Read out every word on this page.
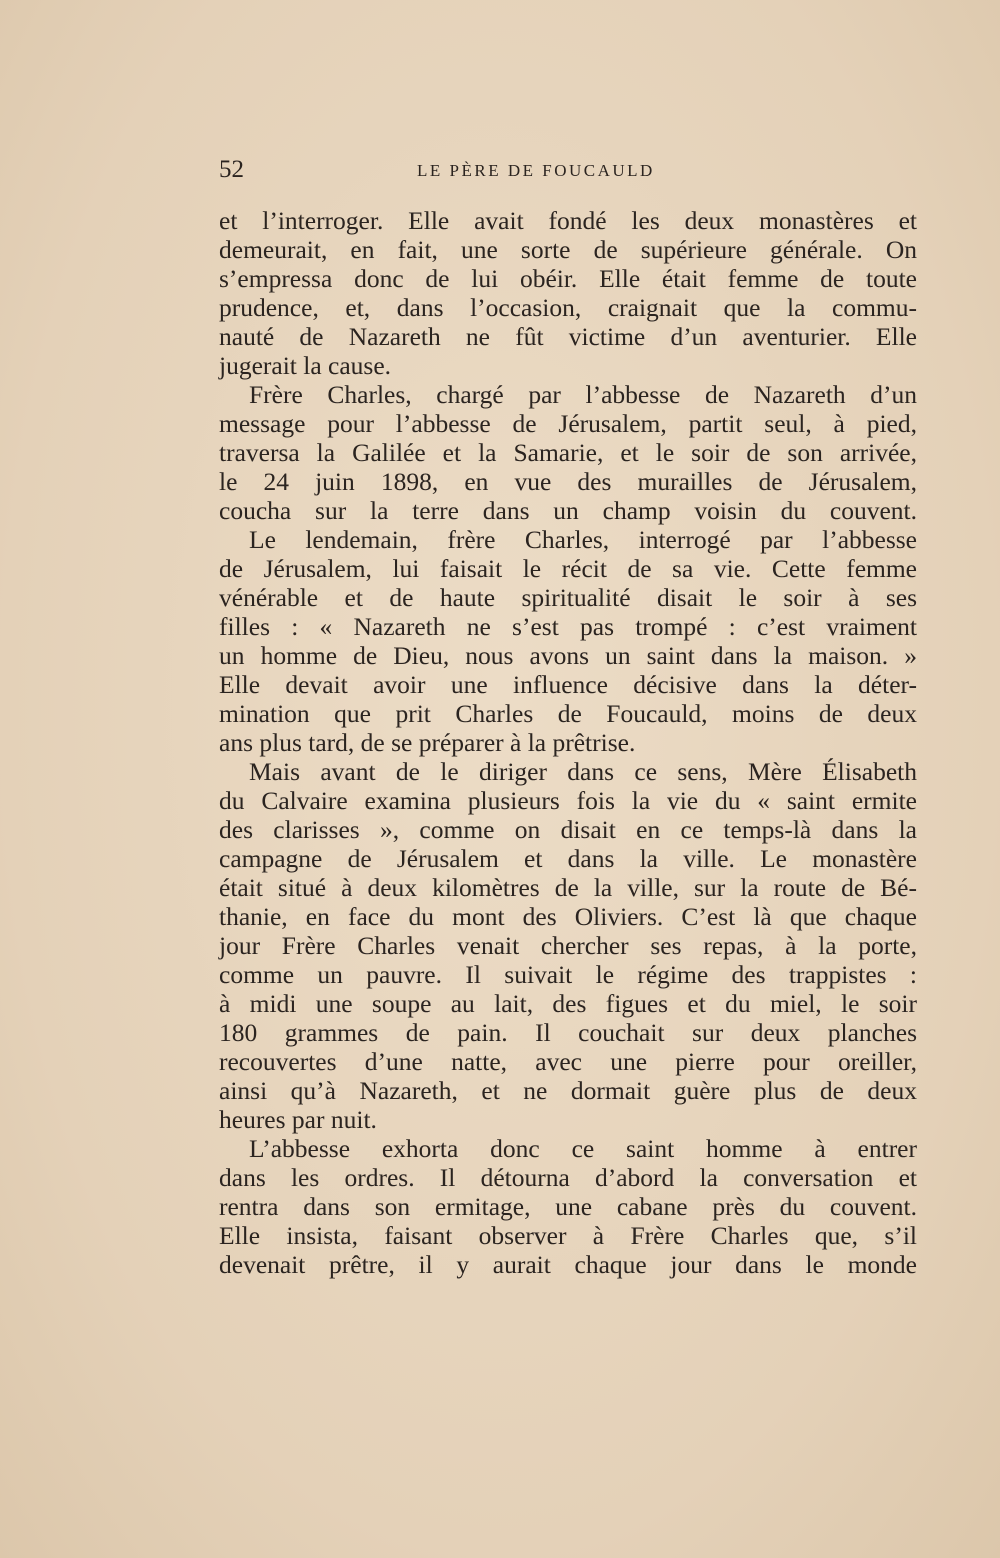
52	LE PÈRE DE FOUCAULD
et l’interroger. Elle avait fondé les deux monastères et
demeurait, en fait, une sorte de supérieure générale. On
s’empressa donc de lui obéir. Elle était femme de toute
prudence, et, dans l’occasion, craignait que la commu-
nauté de Nazareth ne fût victime d’un aventurier. Elle
jugerait la cause.
Frère Charles, chargé par l’abbesse de Nazareth d’un
message pour l’abbesse de Jérusalem, partit seul, à pied,
traversa la Galilée et la Samarie, et le soir de son arrivée,
le 24 juin 1898, en vue des murailles de Jérusalem,
coucha sur la terre dans un champ voisin du couvent.
Le lendemain, frère Charles, interrogé par l’abbesse
de Jérusalem, lui faisait le récit de sa vie. Cette femme
vénérable et de haute spiritualité disait le soir à ses
filles : « Nazareth ne s’est pas trompé : c’est vraiment
un homme de Dieu, nous avons un saint dans la maison. »
Elle devait avoir une influence décisive dans la déter-
mination que prit Charles de Foucauld, moins de deux
ans plus tard, de se préparer à la prêtrise.
Mais avant de le diriger dans ce sens, Mère Élisabeth
du Calvaire examina plusieurs fois la vie du « saint ermite
des clarisses », comme on disait en ce temps-là dans la
campagne de Jérusalem et dans la ville. Le monastère
était situé à deux kilomètres de la ville, sur la route de Bé-
thanie, en face du mont des Oliviers. C’est là que chaque
jour Frère Charles venait chercher ses repas, à la porte,
comme un pauvre. Il suivait le régime des trappistes :
à midi une soupe au lait, des figues et du miel, le soir
180 grammes de pain. Il couchait sur deux planches
recouvertes d’une natte, avec une pierre pour oreiller,
ainsi qu’à Nazareth, et ne dormait guère plus de deux
heures par nuit.
L’abbesse exhorta donc ce saint homme à entrer
dans les ordres. Il détourna d’abord la conversation et
rentra dans son ermitage, une cabane près du couvent.
Elle insista, faisant observer à Frère Charles que, s’il
devenait prêtre, il y aurait chaque jour dans le monde
